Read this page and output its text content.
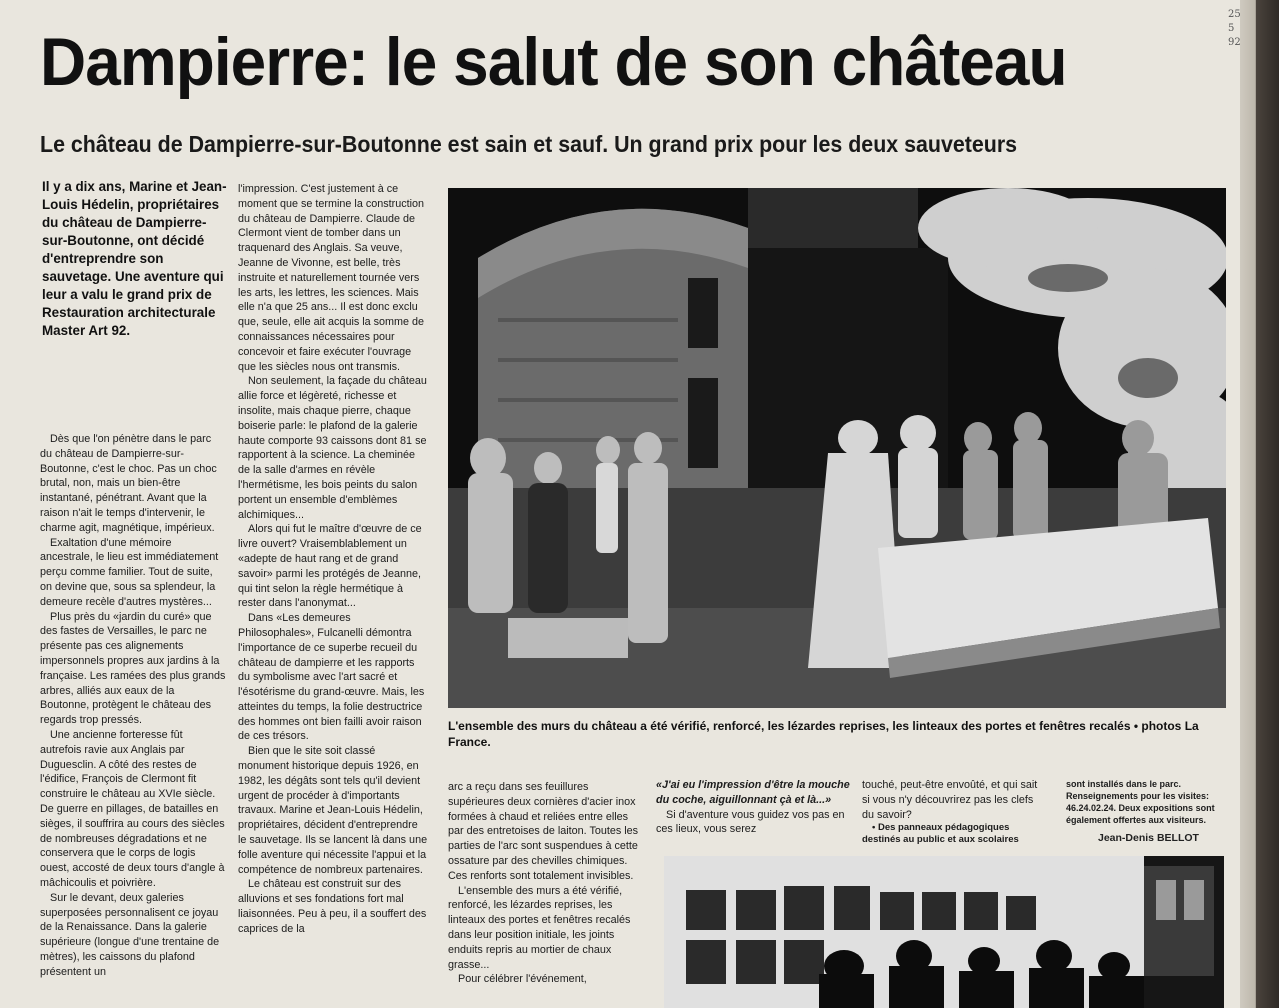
Dampierre: le salut de son château
Le château de Dampierre-sur-Boutonne est sain et sauf. Un grand prix pour les deux sauveteurs
Il y a dix ans, Marine et Jean-Louis Hédelin, propriétaires du château de Dampierre-sur-Boutonne, ont décidé d'entreprendre son sauvetage. Une aventure qui leur a valu le grand prix de Restauration architecturale Master Art 92.

Dès que l'on pénètre dans le parc du château de Dampierre-sur-Boutonne, c'est le choc. Pas un choc brutal, non, mais un bien-être instantané, pénétrant. Avant que la raison n'ait le temps d'intervenir, le charme agit, magnétique, impérieux.

Exaltation d'une mémoire ancestrale, le lieu est immédiatement perçu comme familier. Tout de suite, on devine que, sous sa splendeur, la demeure recèle d'autres mystères...

Plus près du «jardin du curé» que des fastes de Versailles, le parc ne présente pas ces alignements impersonnels propres aux jardins à la française. Les ramées des plus grands arbres, alliés aux eaux de la Boutonne, protègent le château des regards trop pressés.

Une ancienne forteresse fût autrefois ravie aux Anglais par Duguesclin. A côté des restes de l'édifice, François de Clermont fit construire le château au XVIe siècle. De guerre en pillages, de batailles en sièges, il souffrira au cours des siècles de nombreuses dégradations et ne conservera que le corps de logis ouest, accosté de deux tours d'angle à mâchicoulis et poivrière.

Sur le devant, deux galeries superposées personnalisent ce joyau de la Renaissance. Dans la galerie supérieure (longue d'une trentaine de mètres), les caissons du plafond présentent un

l'impression. C'est justement à ce moment que se termine la construction du château de Dampierre. Claude de Clermont vient de tomber dans un traquenard des Anglais. Sa veuve, Jeanne de Vivonne, est belle, très instruite et naturellement tournée vers les arts, les lettres, les sciences. Mais elle n'a que 25 ans... Il est donc exclu que, seule, elle ait acquis la somme de connaissances nécessaires pour concevoir et faire exécuter l'ouvrage que les siècles nous ont transmis.

Non seulement, la façade du château allie force et légèreté, richesse et insolite, mais chaque pierre, chaque boiserie parle: le plafond de la galerie haute comporte 93 caissons dont 81 se rapportent à la science. La cheminée de la salle d'armes en révèle l'hermétisme, les bois peints du salon portent un ensemble d'emblèmes alchimiques...

Alors qui fut le maître d'œuvre de ce livre ouvert? Vraisemblablement un «adepte de haut rang et de grand savoir» parmi les protégés de Jeanne, qui tint selon la règle hermétique à rester dans l'anonymat...

Dans «Les demeures Philosophales», Fulcanelli démontra l'importance de ce superbe recueil du château de dampierre et les rapports du symbolisme avec l'art sacré et l'ésotérisme du grand-œuvre. Mais, les atteintes du temps, la folie destructrice des hommes ont bien failli avoir raison de ces trésors.

Bien que le site soit classé monument historique depuis 1926, en 1982, les dégâts sont tels qu'il devient urgent de procéder à d'importants travaux. Marine et Jean-Louis Hédelin, propriétaires, décident d'entreprendre le sauvetage. Ils se lancent là dans une folle aventure qui nécessite l'appui et la compétence de nombreux partenaires.

Le château est construit sur des alluvions et ses fondations fort mal liaisonnées. Peu à peu, il a souffert des caprices de la

L'ensemble des murs du château a été vérifié, renforcé, les lézardes reprises, les linteaux des portes et fenêtres recalés • photos La France.

arc a reçu dans ses feuillures supérieures deux cornières d'acier inox formées à chaud et reliées entre elles par des entretoises de laiton. Toutes les parties de l'arc sont suspendues à cette ossature par des chevilles chimiques. Ces renforts sont totalement invisibles.

L'ensemble des murs a été vérifié, renforcé, les lézardes reprises, les linteaux des portes et fenêtres recalés dans leur position initiale, les joints enduits repris au mortier de chaux grasse...

Pour célébrer l'événement,

«J'ai eu l'impression d'être la mouche du coche, aiguillonnant çà et là...»

Si d'aventure vous guidez vos pas en ces lieux, vous serez

touché, peut-être envoûté, et qui sait si vous n'y découvrirez pas les clefs du savoir?

• Des panneaux pédagogiques destinés au public et aux scolaires

sont installés dans le parc. Renseignements pour les visites: 46.24.02.24. Deux expositions sont également offertes aux visiteurs.

Jean-Denis BELLOT
25
5
92
